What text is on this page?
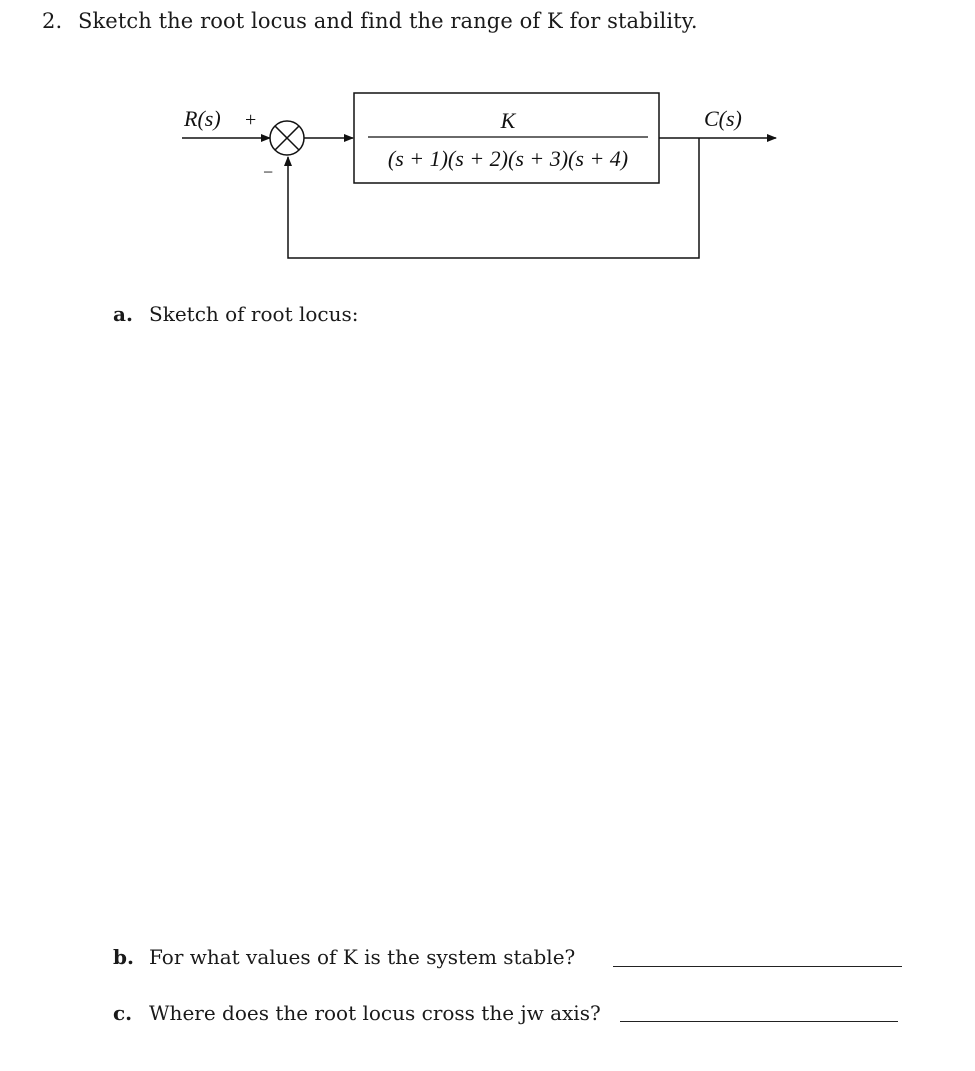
2. Sketch the root locus and find the range of K for stability.
K
(s + 1)(s + 2)(s + 3)(s + 4)
R(s) +
−
C(s)
a. Sketch of root locus:
b. For what values of K is the system stable?
c. Where does the root locus cross the jw axis?
